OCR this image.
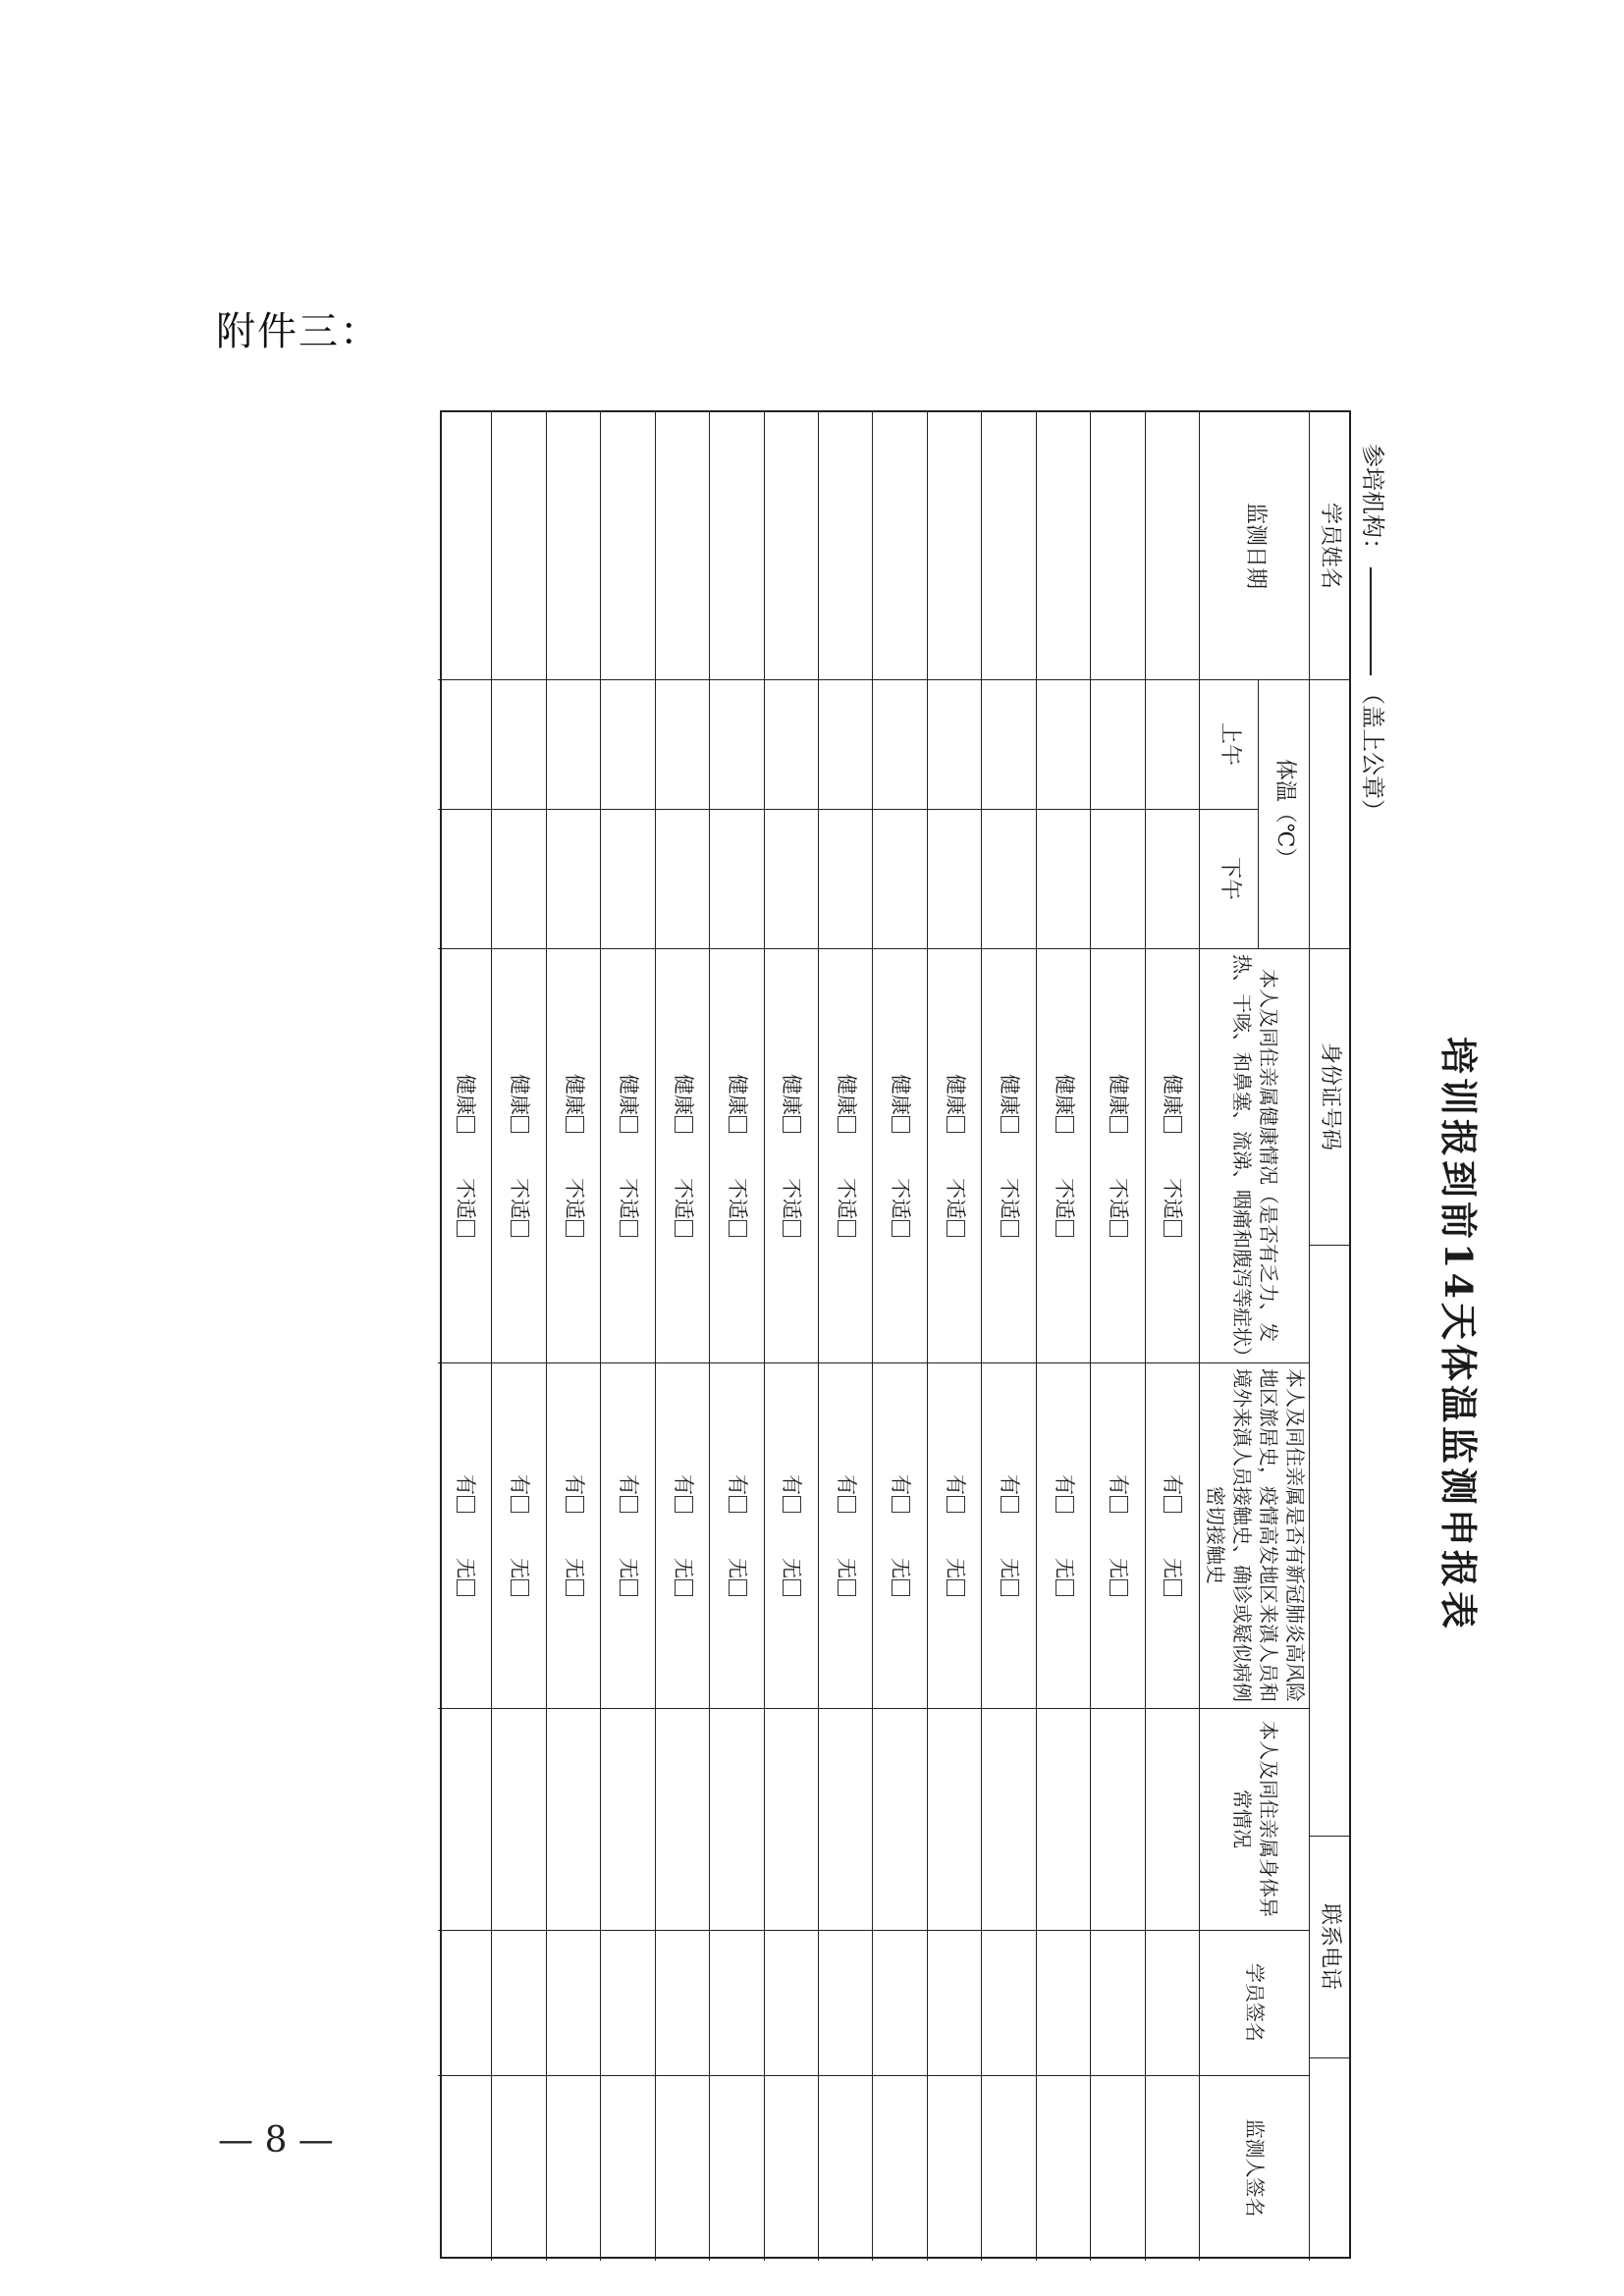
附件三：
培训报到前14天体温监测申报表
参培机构：（盖上公章）
学员姓名
身份证号码
联系电话
监测日期
体温（℃）
上午
下午
本人及同住亲属健康情况（是否有乏力、发热、干咳、和鼻塞、流涕、咽痛和腹泻等症状）
本人及同住亲属是否有新冠肺炎高风险地区旅居史，疫情高发地区来滇人员和境外来滇人员接触史、确诊或疑似病例密切接触史
本人及同住亲属身体异常情况
学员签名
监测人签名
健康
不适
有
无
健康
不适
有
无
健康
不适
有
无
健康
不适
有
无
健康
不适
有
无
健康
不适
有
无
健康
不适
有
无
健康
不适
有
无
健康
不适
有
无
健康
不适
有
无
健康
不适
有
无
健康
不适
有
无
健康
不适
有
无
健康
不适
有
无
— 8 —
